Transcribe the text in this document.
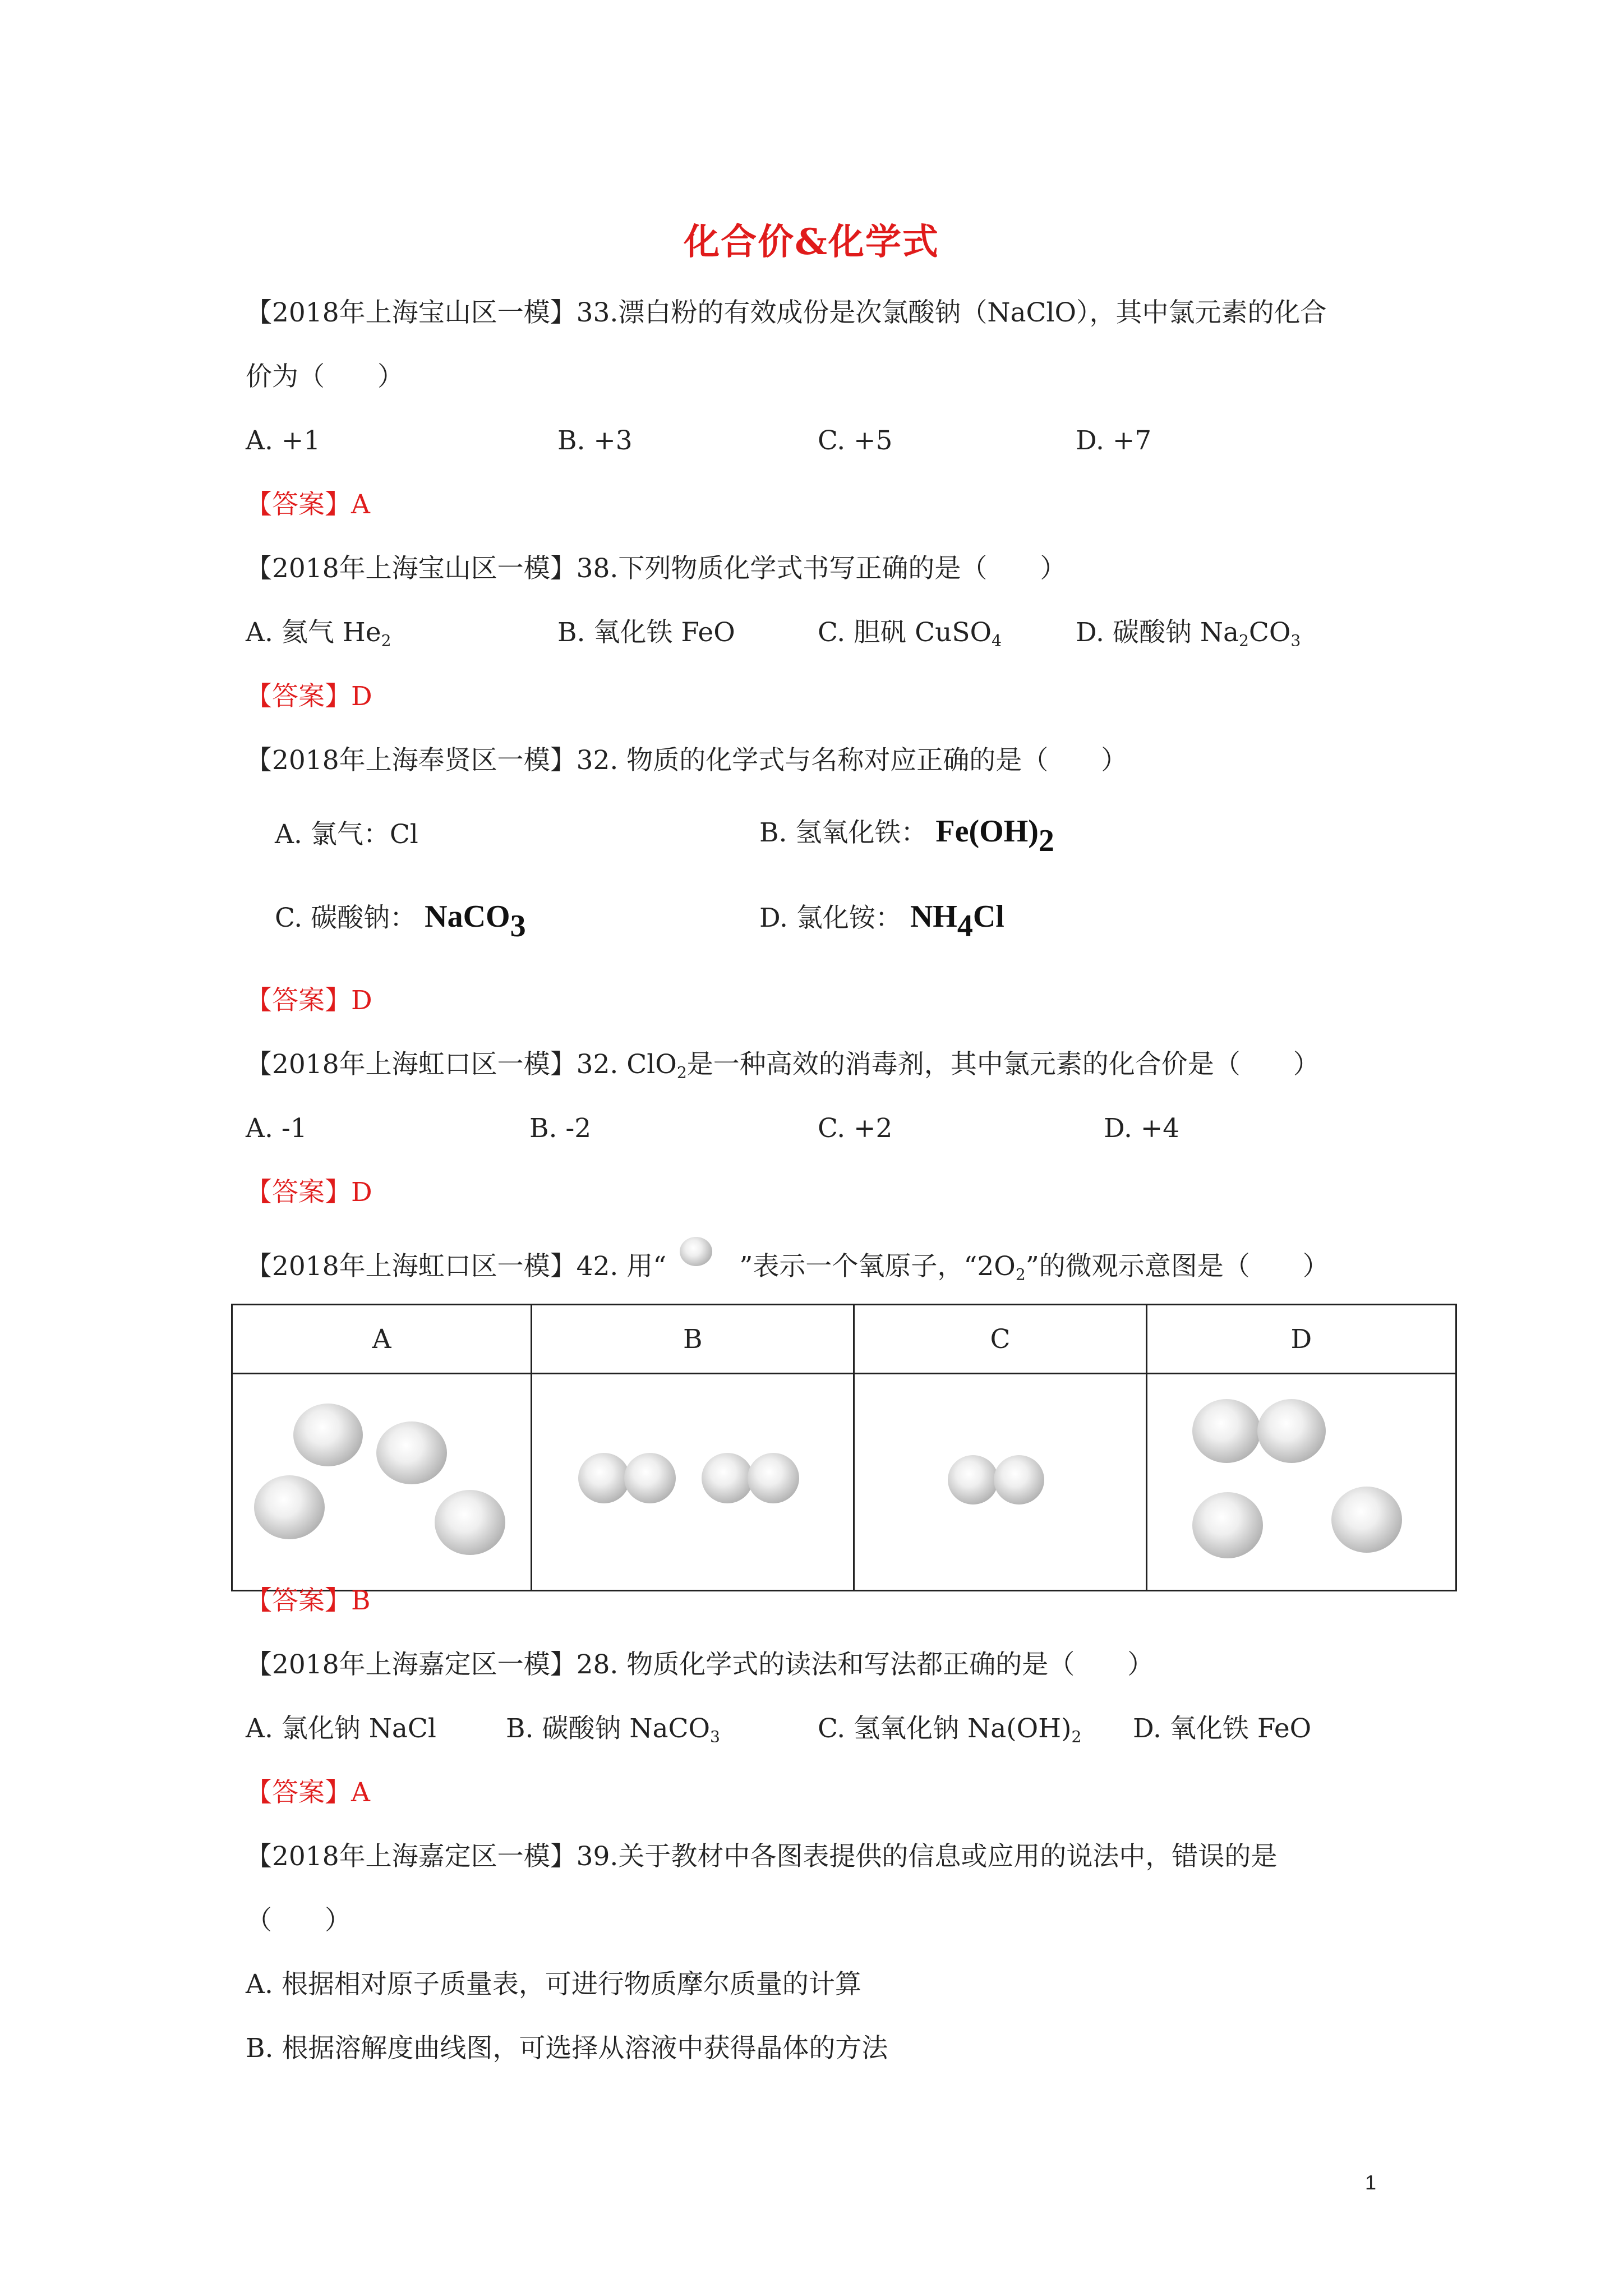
化合价&化学式
【2018年上海宝山区一模】33.漂白粉的有效成份是次氯酸钠（NaClO），其中氯元素的化合
价为（　　）
A. +1	B. +3	C. +5	D. +7
【答案】A
【2018年上海宝山区一模】38.下列物质化学式书写正确的是（　　）
A. 氦气 $He_2$	B. 氧化铁 FeO	C. 胆矾 CuSO$_4$	D. 碳酸钠 $Na_2CO_3$
【答案】D
【2018年上海奉贤区一模】32. 物质的化学式与名称对应正确的是（　　）
A. 氯气：Cl	B. 氢氧化铁： $Fe(OH)_2$
C. 碳酸钠： NaCO$_3$	D. 氯化铵： $NH_4Cl$
【答案】D
【2018年上海虹口区一模】32. ClO$_2$是一种高效的消毒剂，其中氯元素的化合价是（　　）
A. -1	B. -2	C. +2	D. +4
【答案】D
【2018年上海虹口区一模】42. 用“	”表示一个氧原子，“$2O_2$”的微观示意图是（　　）
A	B	C	D

【答案】B
【2018年上海嘉定区一模】28. 物质化学式的读法和写法都正确的是（　　）
A. 氯化钠 NaCl	B. 碳酸钠 NaCO$_3$	C. 氢氧化钠 $Na(OH)_2$ D. 氧化铁 FeO
【答案】A
【2018年上海嘉定区一模】39.关于教材中各图表提供的信息或应用的说法中，错误的是
（　　）
A. 根据相对原子质量表，可进行物质摩尔质量的计算
B. 根据溶解度曲线图，可选择从溶液中获得晶体的方法
1
